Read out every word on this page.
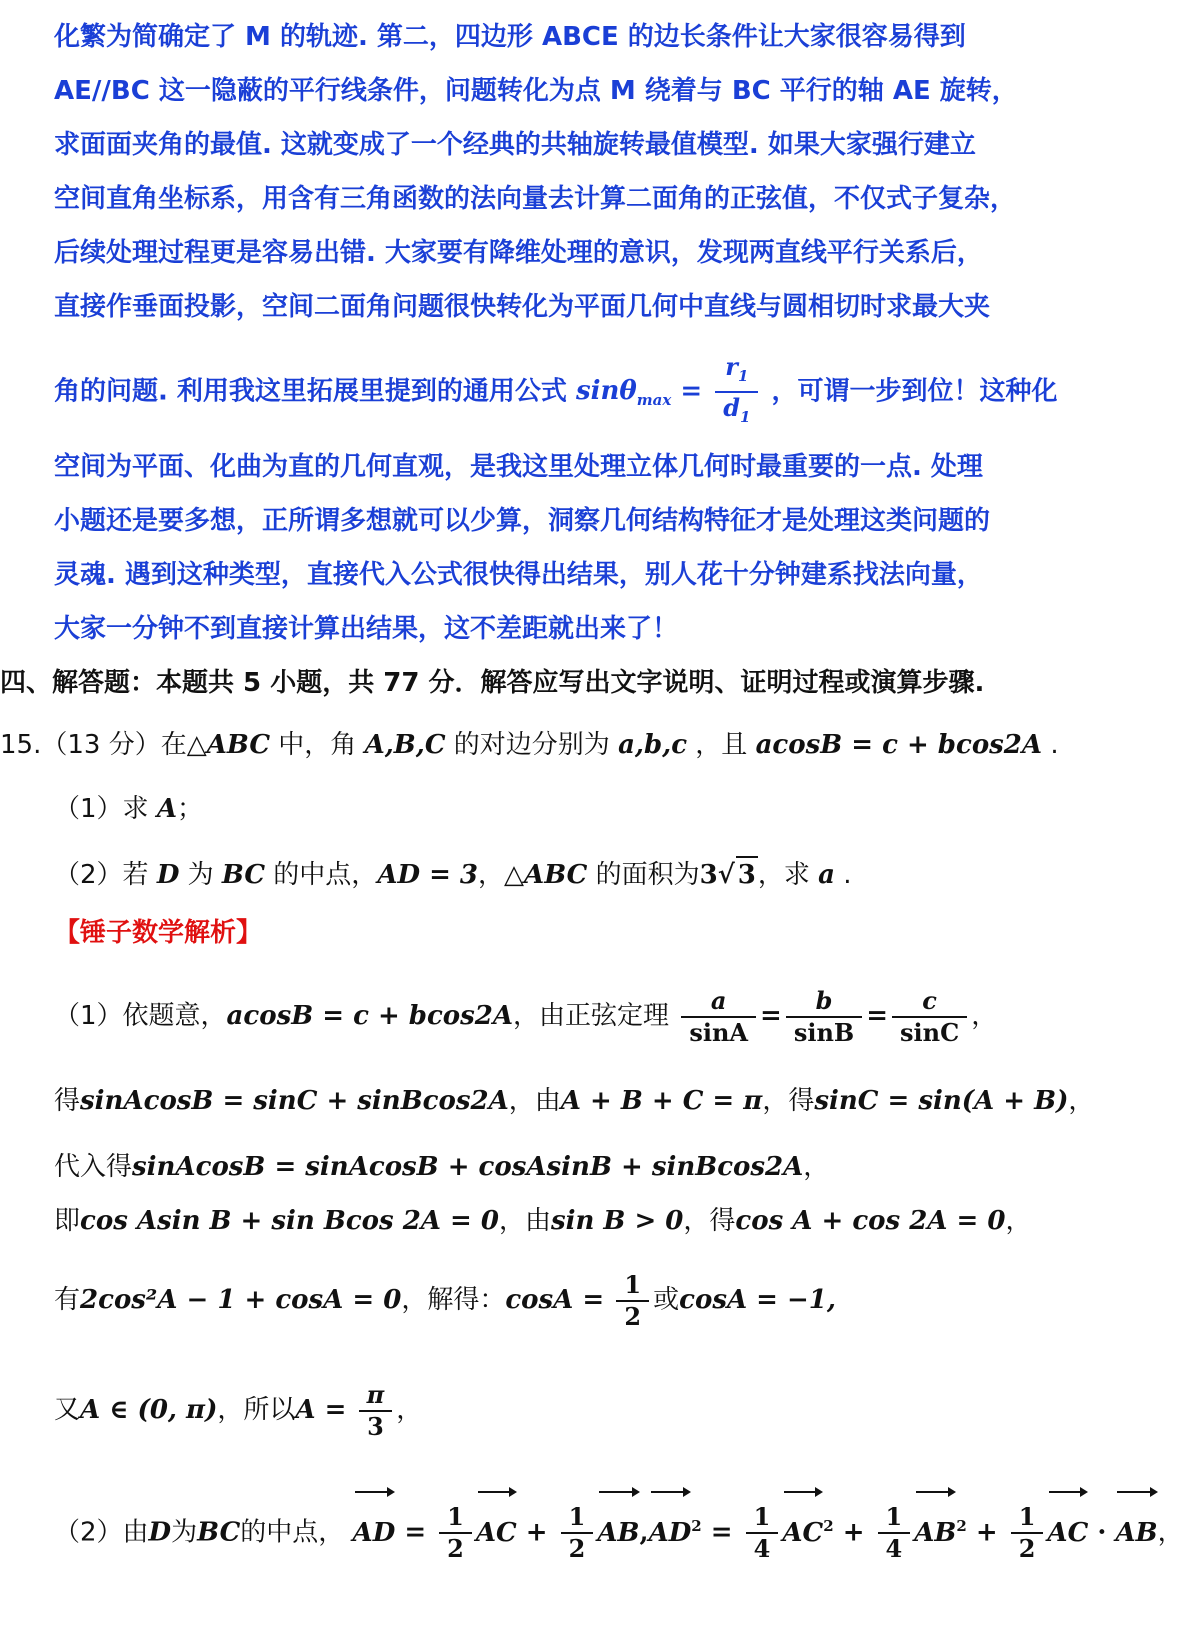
化繁为简确定了 M 的轨迹. 第二，四边形 ABCE 的边长条件让大家很容易得到
AE//BC 这一隐蔽的平行线条件，问题转化为点 M 绕着与 BC 平行的轴 AE 旋转，
求面面夹角的最值. 这就变成了一个经典的共轴旋转最值模型. 如果大家强行建立
空间直角坐标系，用含有三角函数的法向量去计算二面角的正弦值，不仅式子复杂，
后续处理过程更是容易出错. 大家要有降维处理的意识，发现两直线平行关系后，
直接作垂面投影，空间二面角问题很快转化为平面几何中直线与圆相切时求最大夹
角的问题. 利用我这里拓展里提到的通用公式 $\sin\theta_{max} = \frac{r_1}{d_1}$ ，可谓一步到位！这种化
空间为平面、化曲为直的几何直观，是我这里处理立体几何时最重要的一点. 处理
小题还是要多想，正所谓多想就可以少算，洞察几何结构特征才是处理这类问题的
灵魂. 遇到这种类型，直接代入公式很快得出结果，别人花十分钟建系找法向量，
大家一分钟不到直接计算出结果，这不差距就出来了！
四、解答题：本题共 5 小题，共 77 分．解答应写出文字说明、证明过程或演算步骤.
15.（13 分）在△ABC 中，角 A,B,C 的对边分别为 a,b,c ，且 acosB = c + bcos2A .
（1）求 A；
（2）若 D 为 BC 的中点，AD = 3，△ABC 的面积为3√ 3，求 a .
【锤子数学解析】
（1）依题意，acosB = c + bcos2A，由正弦定理 $\frac{a}{\sin A} = \frac{b}{\sin B} = \frac{c}{\sin C}$ ，
得sinAcosB = sinC + sinBcos2A，由A + B + C = π，得sinC = sin(A + B)，
代入得sinAcosB = sinAcosB + cosAsinB + sinBcos2A，
即cos Asin B + sin Bcos 2A = 0，由sin B > 0，得cos A + cos 2A = 0，
有2cos²A − 1 + cosA = 0，解得：$\cos A = \frac{1}{2}$ 或cosA = −1,
又A ∈ (0, π)，所以$A = \frac{\pi}{3}$ ，
（2）由D为BC的中点， AD = $\frac{1}{2}$ AC + $\frac{1}{2} AB,AD^2 = \frac{1}{4} AC^2 + \frac{1}{4} AB^2 + \frac{1}{2}$ AC · AB，
